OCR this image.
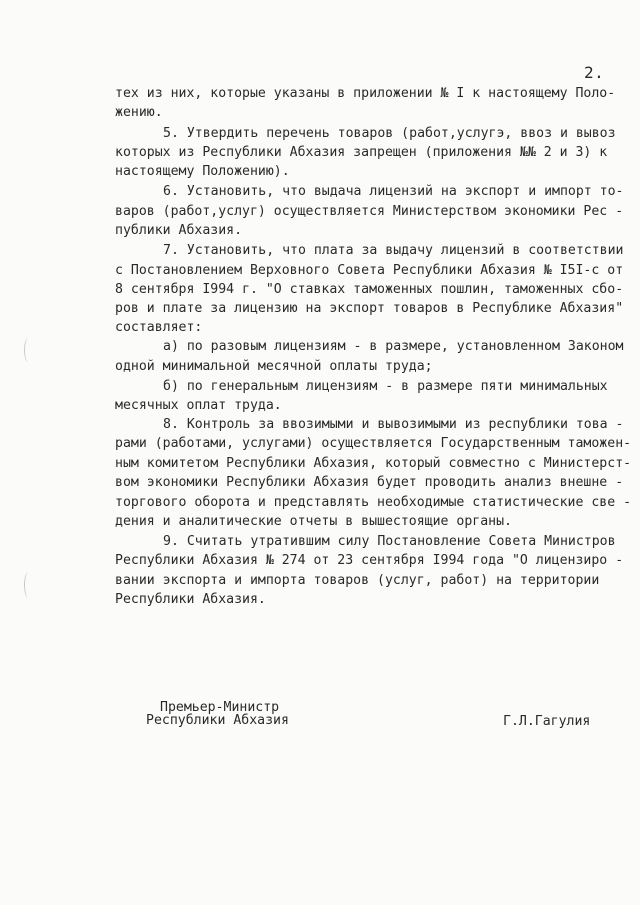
2.
тех из них, которые указаны в приложении № I к настоящему Поло-
жению.
5. Утвердить перечень товаров (работ,услугэ, ввоз и вывоз
которых из Республики Абхазия запрещен (приложения №№ 2 и 3) к
настоящему Положению).
6. Установить, что выдача лицензий на экспорт и импорт то-
варов (работ,услуг) осуществляется Министерством экономики Рес -
публики Абхазия.
7. Установить, что плата за выдачу лицензий в соответствии
с Постановлением Верховного Совета Республики Абхазия № I5I-с от
8 сентября I994 г. "О ставках таможенных пошлин, таможенных сбо-
ров и плате за лицензию на экспорт товаров в Республике Абхазия"
составляет:
а) по разовым лицензиям - в размере, установленном Законом
одной минимальной месячной оплаты труда;
б) по генеральным лицензиям - в размере пяти минимальных
месячных оплат труда.
8. Контроль за ввозимыми и вывозимыми из республики това -
рами (работами, услугами) осуществляется Государственным таможен-
ным комитетом Республики Абхазия, который совместно с Министерст-
вом экономики Республики Абхазия будет проводить анализ внешне -
торгового оборота и представлять необходимые статистические све -
дения и аналитические отчеты в вышестоящие органы.
9. Считать утратившим силу Постановление Совета Министров
Республики Абхазия № 274 от 23 сентября I994 года "О лицензиро -
вании экспорта и импорта товаров (услуг, работ) на территории
Республики Абхазия.
Премьер-Министр
Республики Абхазия	Г.Л.Гагулия
